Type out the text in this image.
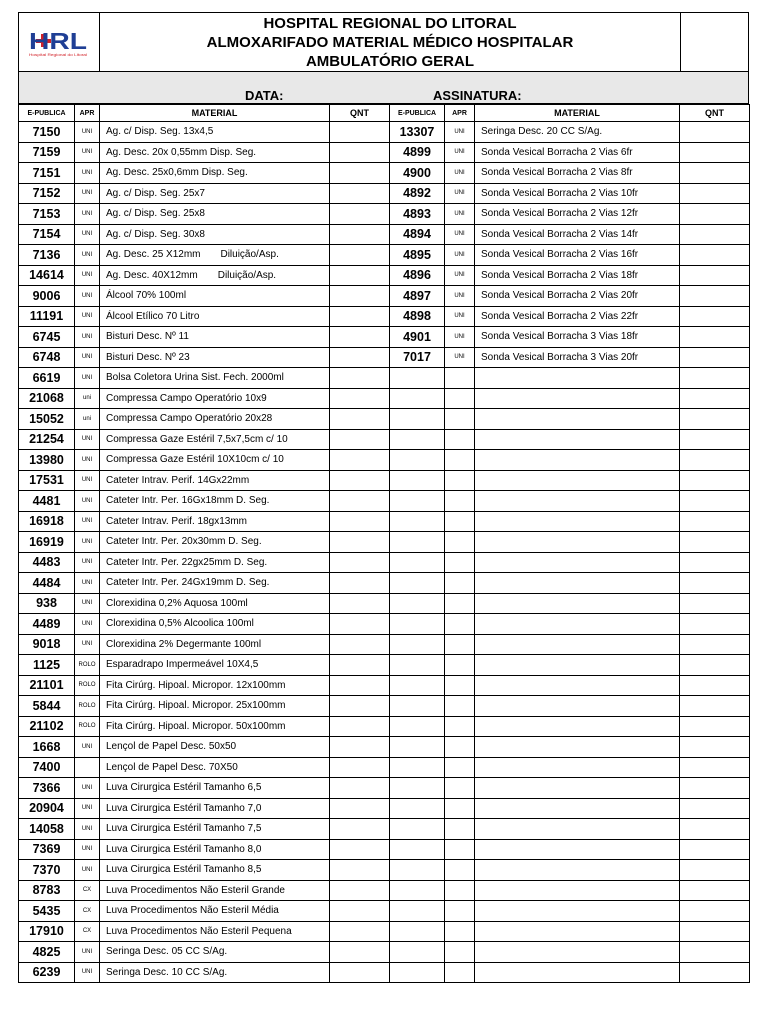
HRL
Hospital Regional do Litoral
HOSPITAL REGIONAL DO LITORAL
ALMOXARIFADO MATERIAL MÉDICO HOSPITALAR
AMBULATÓRIO GERAL
DATA:	ASSINATURA:
E-PUBLICA	APR	MATERIAL	QNT	E-PUBLICA	APR	MATERIAL	QNT
7150	UNI	Ag. c/ Disp. Seg. 13x4,5		13307	UNI	Seringa Desc. 20 CC S/Ag.	
7159	UNI	Ag. Desc. 20x 0,55mm Disp. Seg.		4899	UNI	Sonda Vesical Borracha 2 Vias 6fr	
7151	UNI	Ag. Desc. 25x0,6mm Disp. Seg.		4900	UNI	Sonda Vesical Borracha 2 Vias 8fr	
7152	UNI	Ag. c/ Disp. Seg. 25x7		4892	UNI	Sonda Vesical Borracha 2 Vias 10fr	
7153	UNI	Ag. c/ Disp. Seg. 25x8		4893	UNI	Sonda Vesical Borracha 2 Vias 12fr	
7154	UNI	Ag. c/ Disp. Seg. 30x8		4894	UNI	Sonda Vesical Borracha 2 Vias 14fr	
7136	UNI	Ag. Desc. 25 X12mm Diluição/Asp.		4895	UNI	Sonda Vesical Borracha 2 Vias 16fr	
14614	UNI	Ag. Desc. 40X12mm Diluição/Asp.		4896	UNI	Sonda Vesical Borracha 2 Vias 18fr	
9006	UNI	Álcool 70% 100ml		4897	UNI	Sonda Vesical Borracha 2 Vias 20fr	
11191	UNI	Álcool Etílico 70 Litro		4898	UNI	Sonda Vesical Borracha 2 Vias 22fr	
6745	UNI	Bisturi Desc. Nº 11		4901	UNI	Sonda Vesical Borracha 3 Vias 18fr	
6748	UNI	Bisturi Desc. Nº 23		7017	UNI	Sonda Vesical Borracha 3 Vias 20fr	
6619	UNI	Bolsa Coletora Urina Sist. Fech. 2000ml					
21068	uni	Compressa Campo Operatório 10x9					
15052	uni	Compressa Campo Operatório 20x28					
21254	UNI	Compressa Gaze Estéril 7,5x7,5cm c/ 10					
13980	UNI	Compressa Gaze Estéril 10X10cm c/ 10					
17531	UNI	Cateter Intrav. Perif. 14Gx22mm					
4481	UNI	Cateter Intr. Per. 16Gx18mm D. Seg.					
16918	UNI	Cateter Intrav. Perif. 18gx13mm					
16919	UNI	Cateter Intr. Per. 20x30mm D. Seg.					
4483	UNI	Cateter Intr. Per. 22gx25mm D. Seg.					
4484	UNI	Cateter Intr. Per. 24Gx19mm D. Seg.					
938	UNI	Clorexidina 0,2% Aquosa 100ml					
4489	UNI	Clorexidina 0,5% Alcoolica 100ml					
9018	UNI	Clorexidina 2% Degermante 100ml					
1125	ROLO	Esparadrapo Impermeável 10X4,5					
21101	ROLO	Fita Cirúrg. Hipoal. Micropor. 12x100mm					
5844	ROLO	Fita Cirúrg. Hipoal. Micropor. 25x100mm					
21102	ROLO	Fita Cirúrg. Hipoal. Micropor. 50x100mm					
1668	UNI	Lençol de Papel Desc. 50x50					
7400		Lençol de Papel Desc. 70X50					
7366	UNI	Luva Cirurgica Estéril Tamanho 6,5					
20904	UNI	Luva Cirurgica Estéril Tamanho 7,0					
14058	UNI	Luva Cirurgica Estéril Tamanho 7,5					
7369	UNI	Luva Cirurgica Estéril Tamanho 8,0					
7370	UNI	Luva Cirurgica Estéril Tamanho 8,5					
8783	CX	Luva Procedimentos Não Esteril Grande					
5435	CX	Luva Procedimentos Não Esteril Média					
17910	CX	Luva Procedimentos Não Esteril Pequena					
4825	UNI	Seringa Desc. 05 CC S/Ag.					
6239	UNI	Seringa Desc. 10 CC S/Ag.					
